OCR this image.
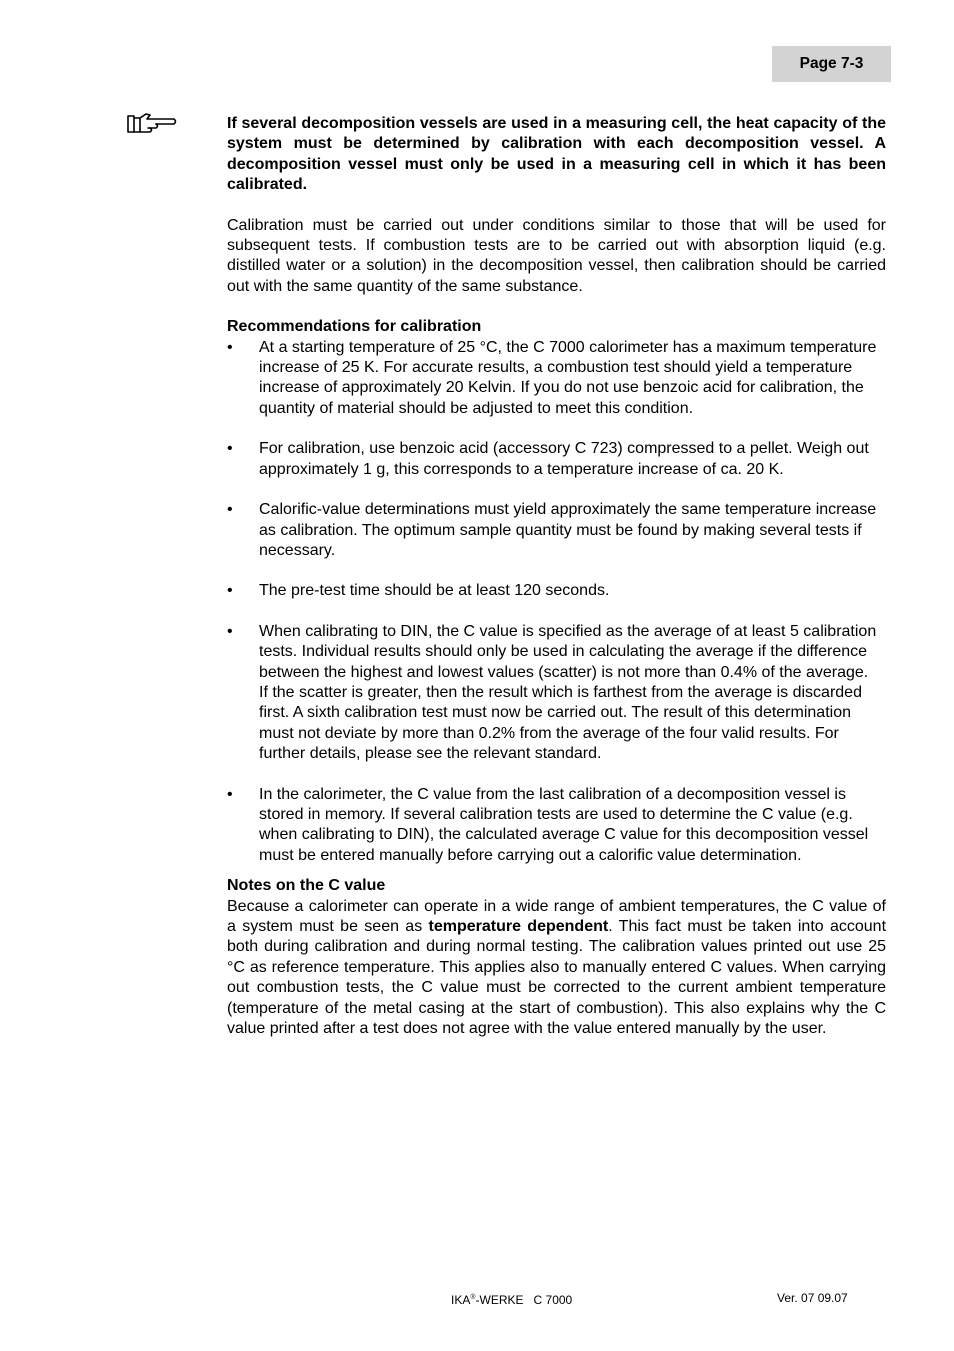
Page 7-3

If several decomposition vessels are used in a measuring cell, the heat capacity of the system must be determined by calibration with each decomposition vessel. A decomposition vessel must only be used in a measuring cell in which it has been calibrated.

Calibration must be carried out under conditions similar to those that will be used for subsequent tests. If combustion tests are to be carried out with absorption liquid (e.g. distilled water or a solution) in the decomposition vessel, then calibration should be carried out with the same quantity of the same substance.

Recommendations for calibration

• At a starting temperature of 25 °C, the C 7000 calorimeter has a maximum temperature increase of 25 K. For accurate results, a combustion test should yield a temperature increase of approximately 20 Kelvin. If you do not use benzoic acid for calibration, the quantity of material should be adjusted to meet this condition.

• For calibration, use benzoic acid (accessory C 723) compressed to a pellet. Weigh out approximately 1 g, this corresponds to a temperature increase of ca. 20 K.

• Calorific-value determinations must yield approximately the same temperature increase as calibration. The optimum sample quantity must be found by making several tests if necessary.

• The pre-test time should be at least 120 seconds.

• When calibrating to DIN, the C value is specified as the average of at least 5 calibration tests. Individual results should only be used in calculating the average if the difference between the highest and lowest values (scatter) is not more than 0.4% of the average.

If the scatter is greater, then the result which is farthest from the average is discarded first. A sixth calibration test must now be carried out. The result of this determination must not deviate by more than 0.2% from the average of the four valid results. For further details, please see the relevant standard.

• In the calorimeter, the C value from the last calibration of a decomposition vessel is stored in memory. If several calibration tests are used to determine the C value (e.g. when calibrating to DIN), the calculated average C value for this decomposition vessel must be entered manually before carrying out a calorific value determination.

Notes on the C value

Because a calorimeter can operate in a wide range of ambient temperatures, the C value of a system must be seen as temperature dependent. This fact must be taken into account both during calibration and during normal testing. The calibration values printed out use 25 °C as reference temperature. This applies also to manually entered C values. When carrying out combustion tests, the C value must be corrected to the current ambient temperature (temperature of the metal casing at the start of combustion). This also explains why the C value printed after a test does not agree with the value entered manually by the user.

IKA®-WERKE C 7000	Ver. 07 09.07
